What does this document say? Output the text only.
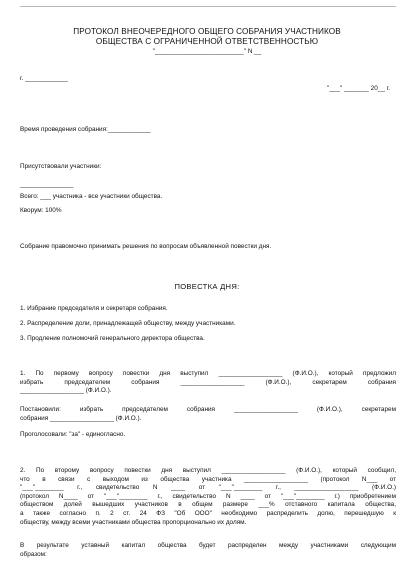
ПРОТОКОЛ ВНЕОЧЕРЕДНОГО ОБЩЕГО СОБРАНИЯ УЧАСТНИКОВ
ОБЩЕСТВА С ОГРАНИЧЕННОЙ ОТВЕТСТВЕННОСТЬЮ
"_________________________" N __
г. ____________
"___" _______ 20__ г.
Время проведения собрания:____________
Присутствовали участники:
_______________
Всего: ___ участника - все участники общества.
Кворум: 100%
Собрание правомочно принимать решения по вопросам объявленной повестки дня.
ПОВЕСТКА ДНЯ:
1. Избрание председателя и секретаря собрания.
2. Распределение доли, принадлежащей обществу, между участниками.
3. Продление полномочий генерального директора общества.
1. По первому вопросу повестки дня выступил __________________ (Ф.И.О.), который предложил
избрать председателем собрания __________________ (Ф.И.О.), секретарем собрания
__________________ (Ф.И.О.).
Постановили: избрать председателем собрания __________________ (Ф.И.О.), секретарем
собрания __________________ (Ф.И.О.).
Проголосовали: "за" - единогласно.
2. По второму вопросу повестки дня выступил __________________ (Ф.И.О.), который сообщил,
что в связи с выходом из общества участника __________________ (протокол N___ от
"___"________ г., свидетельство N ____ от "___"________ г., __________________ (Ф.И.О.)
(протокол N____ от "___"________ г., свидетельство N ____ от "___"________ г.) приобретением
обществом долей вышедших участников в общем размере ___% отставного капитала общества,
а также согласно п. 2 ст. 24 ФЗ "Об ООО" необходимо распределить долю, перешедшую к
обществу, между всеми участниками общества пропорционально их долям.
В результате уставный капитал общества будет распределен между участниками следующим
образом:
